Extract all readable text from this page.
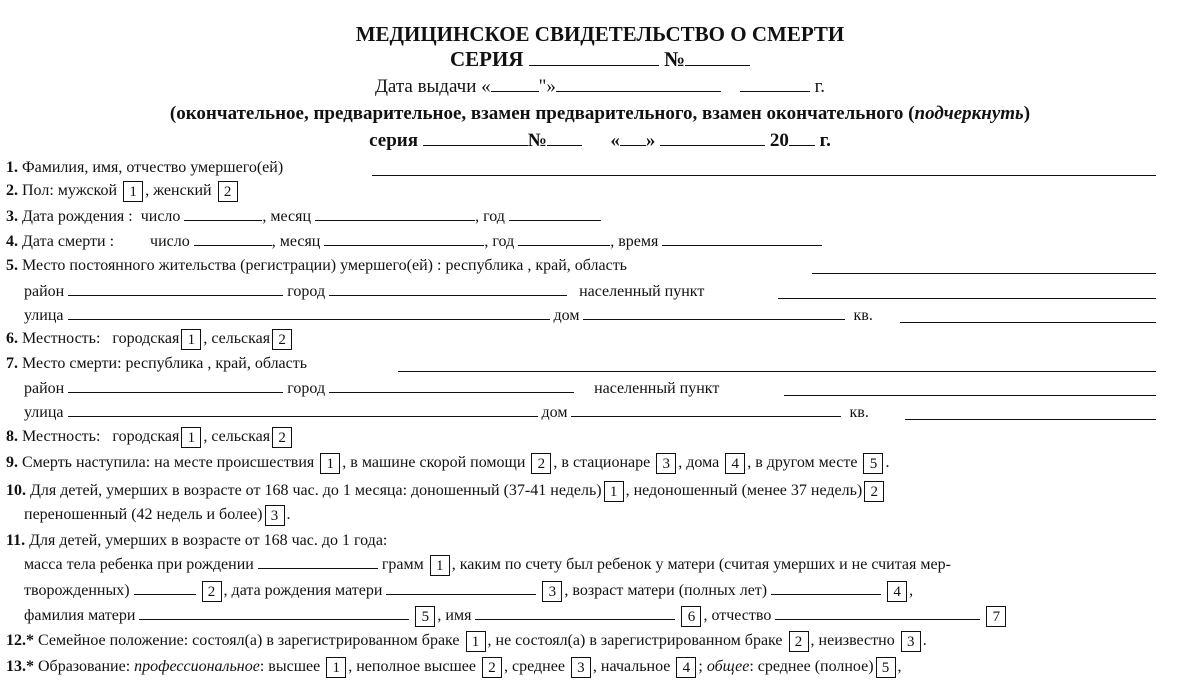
МЕДИЦИНСКОЕ СВИДЕТЕЛЬСТВО О СМЕРТИ
СЕРИЯ	№
Дата выдачи «	"»	г.
(окончательное, предварительное, взамен предварительного, взамен окончательного (подчеркнуть)
серия	№	« »	20 г.
1. Фамилия, имя, отчество умершего(ей)
2. Пол: мужской 1 , женский 2
3. Дата рождения : число	, месяц	, год
4. Дата смерти : число	, месяц	, год	, время
5. Место постоянного жительства (регистрации) умершего(ей) : республика , край, область
район	город	населенный пункт
улица	дом	кв.
6. Местность: городская 1 , сельская 2
7. Место смерти: республика , край, область
район	город	населенный пункт
улица	дом	кв.
8. Местность: городская 1 , сельская 2
9. Смерть наступила: на месте происшествия 1 , в машине скорой помощи 2 , в стационаре 3 , дома 4 , в другом месте 5 .
10. Для детей, умерших в возрасте от 168 час. до 1 месяца: доношенный (37-41 недель) 1 , недоношенный (менее 37 недель) 2
переношенный (42 недель и более) 3 .
11. Для детей, умерших в возрасте от 168 час. до 1 года:
масса тела ребенка при рождении	грамм 1 , каким по счету был ребенок у матери (считая умерших и не считая мер-
творожденных)	2 , дата рождения матери	3 , возраст матери (полных лет)	4 ,
фамилия матери	5 , имя	6 , отчество	7
12.* Семейное положение: состоял(а) в зарегистрированном браке 1 , не состоял(а) в зарегистрированном браке 2 , неизвестно 3 .
13.* Образование: профессиональное: высшее 1 , неполное высшее 2 , среднее 3 , начальное 4 ; общее: среднее (полное) 5 ,
